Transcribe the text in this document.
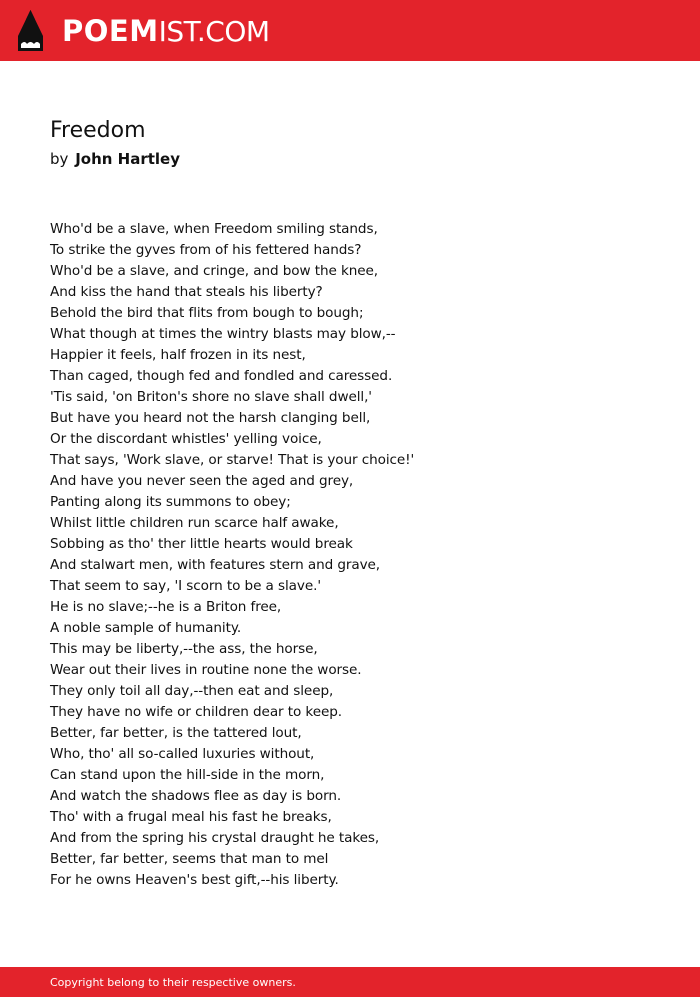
POEMIST.COM
Freedom
by John Hartley
Who'd be a slave, when Freedom smiling stands,
To strike the gyves from of his fettered hands?
Who'd be a slave, and cringe, and bow the knee,
And kiss the hand that steals his liberty?
Behold the bird that flits from bough to bough;
What though at times the wintry blasts may blow,--
Happier it feels, half frozen in its nest,
Than caged, though fed and fondled and caressed.
'Tis said, 'on Briton's shore no slave shall dwell,'
But have you heard not the harsh clanging bell,
Or the discordant whistles' yelling voice,
That says, 'Work slave, or starve! That is your choice!'
And have you never seen the aged and grey,
Panting along its summons to obey;
Whilst little children run scarce half awake,
Sobbing as tho' ther little hearts would break
And stalwart men, with features stern and grave,
That seem to say, 'I scorn to be a slave.'
He is no slave;--he is a Briton free,
A noble sample of humanity.
This may be liberty,--the ass, the horse,
Wear out their lives in routine none the worse.
They only toil all day,--then eat and sleep,
They have no wife or children dear to keep.
Better, far better, is the tattered lout,
Who, tho' all so-called luxuries without,
Can stand upon the hill-side in the morn,
And watch the shadows flee as day is born.
Tho' with a frugal meal his fast he breaks,
And from the spring his crystal draught he takes,
Better, far better, seems that man to mel
For he owns Heaven's best gift,--his liberty.
Copyright belong to their respective owners.
